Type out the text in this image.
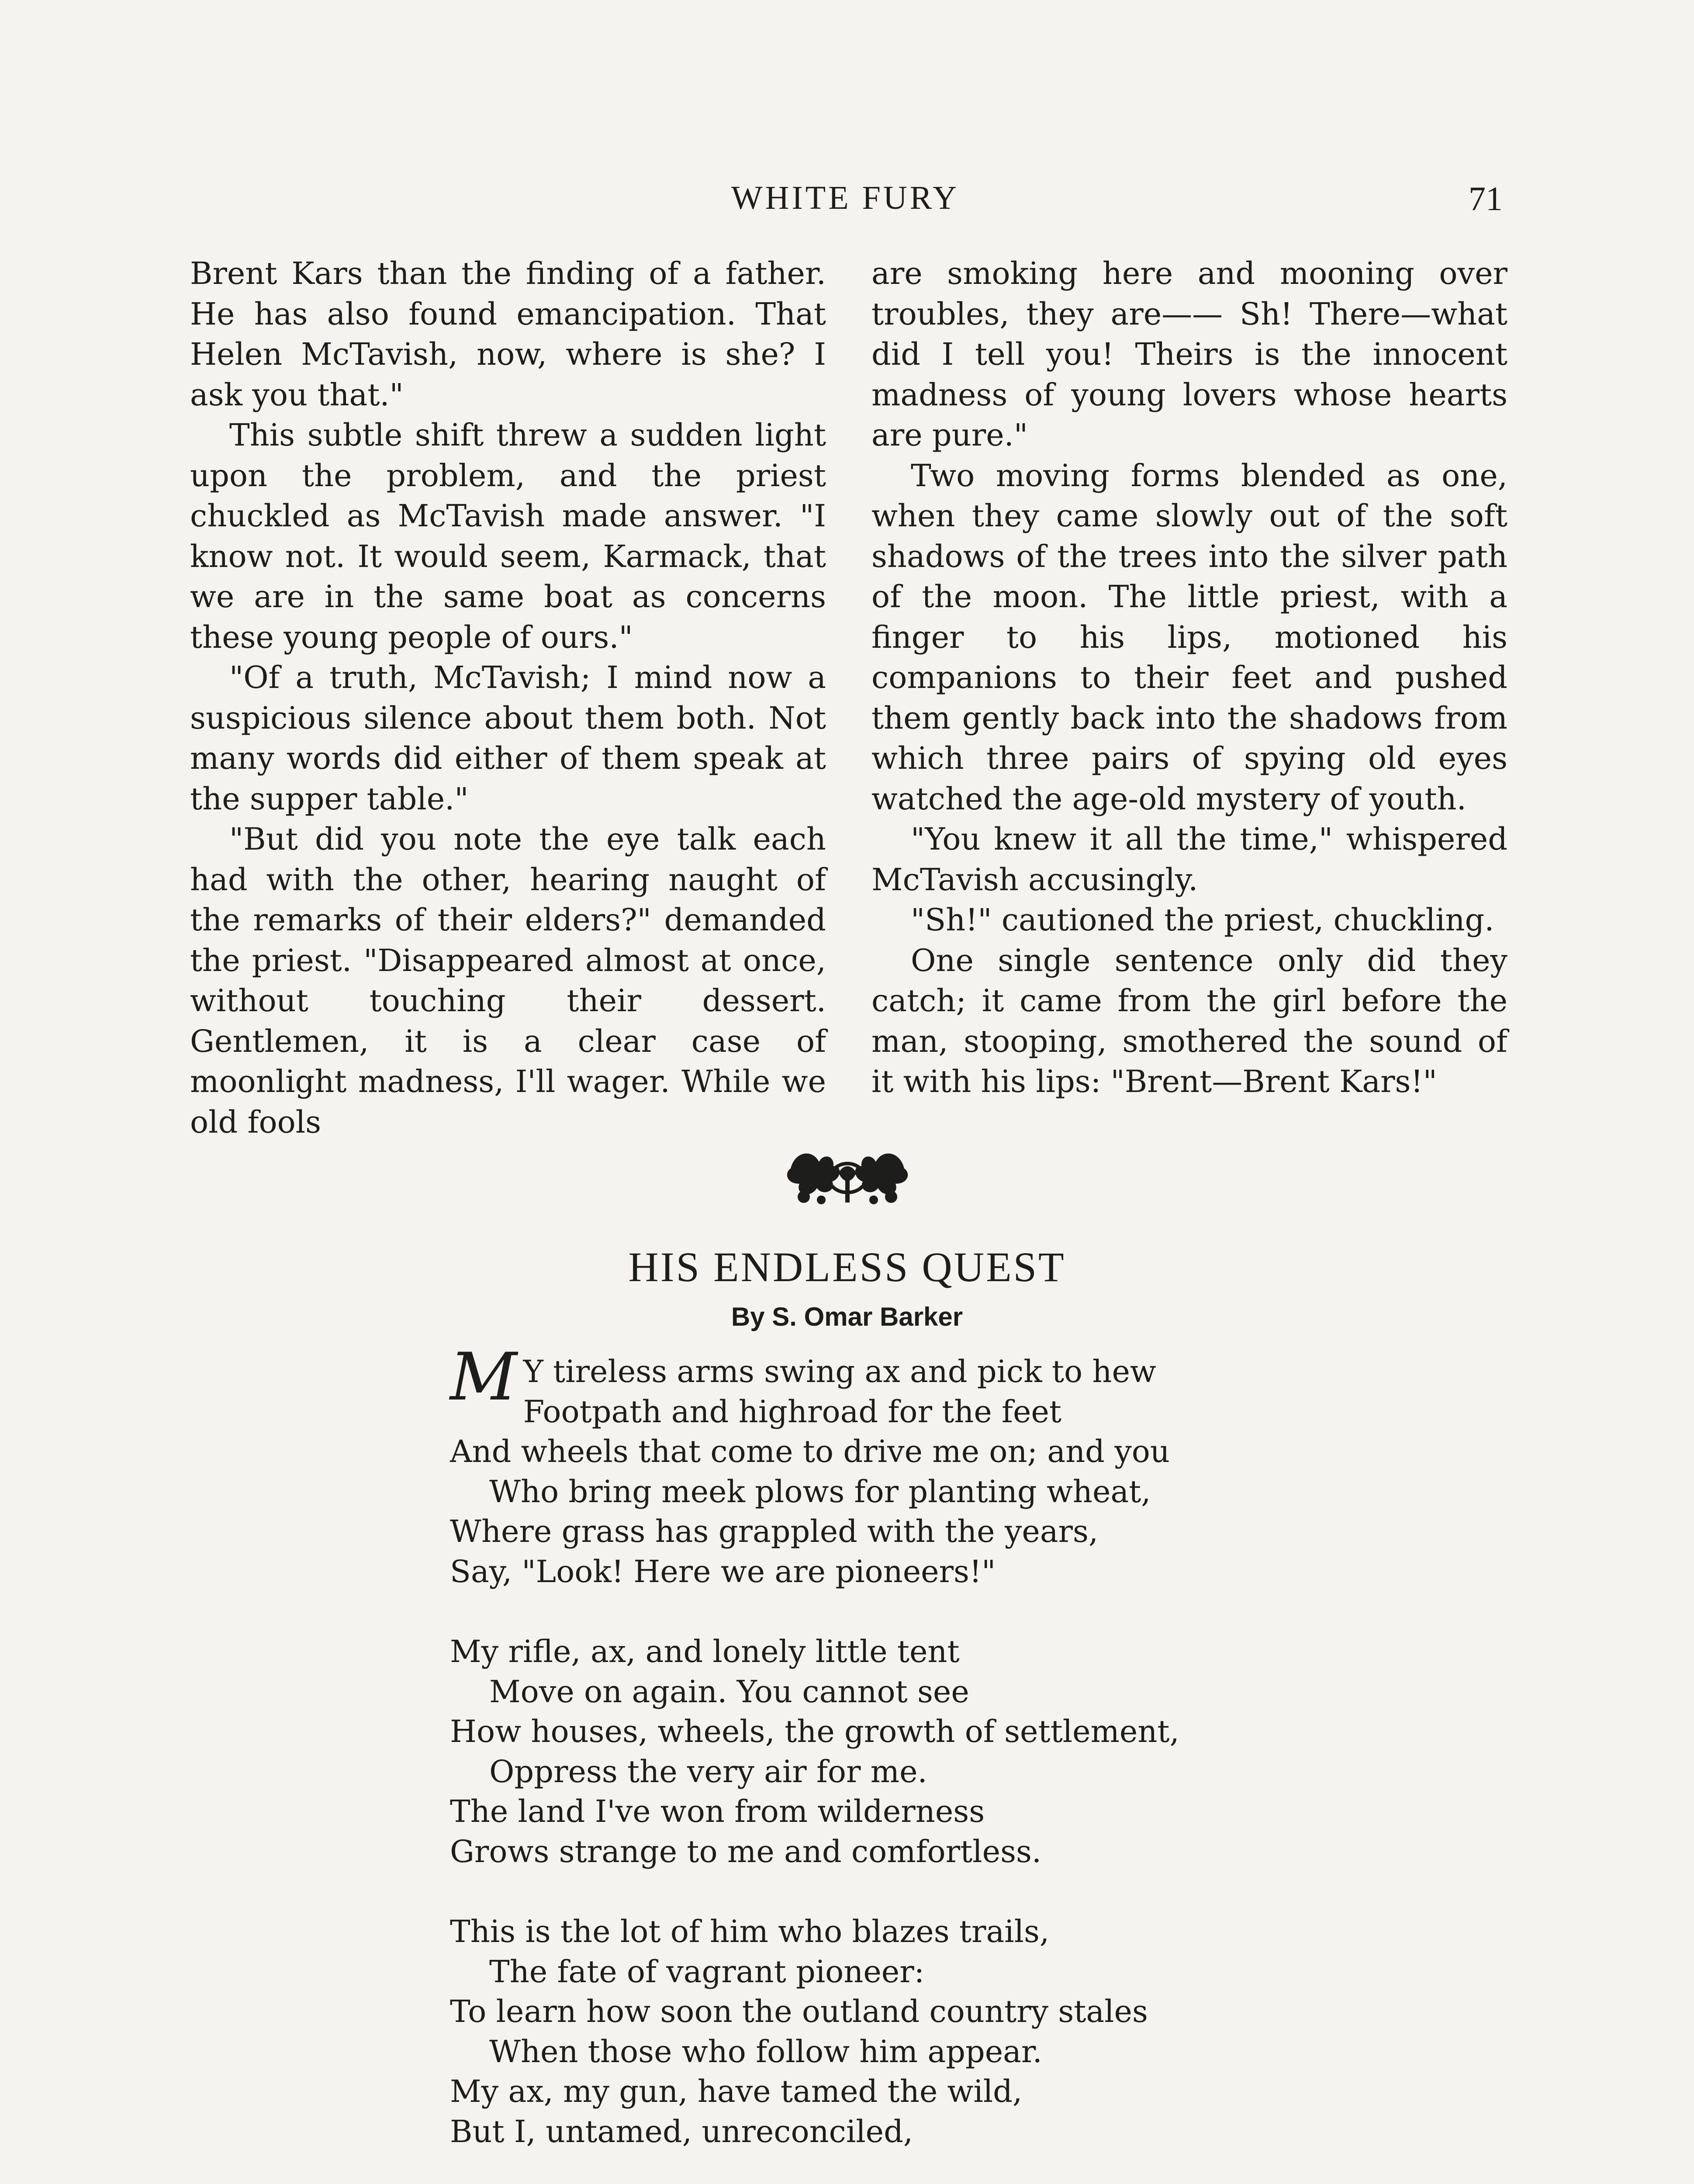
WHITE FURY	71

Brent Kars than the finding of a father. He has also found emancipation. That Helen McTavish, now, where is she? I ask you that."

This subtle shift threw a sudden light upon the problem, and the priest chuckled as McTavish made answer. "I know not. It would seem, Karmack, that we are in the same boat as concerns these young people of ours."

"Of a truth, McTavish; I mind now a suspicious silence about them both. Not many words did either of them speak at the supper table."

"But did you note the eye talk each had with the other, hearing naught of the remarks of their elders?" demanded the priest. "Disappeared almost at once, without touching their dessert. Gentlemen, it is a clear case of moonlight madness, I'll wager. While we old fools

are smoking here and mooning over troubles, they are—— Sh! There—what did I tell you! Theirs is the innocent madness of young lovers whose hearts are pure."

Two moving forms blended as one, when they came slowly out of the soft shadows of the trees into the silver path of the moon. The little priest, with a finger to his lips, motioned his companions to their feet and pushed them gently back into the shadows from which three pairs of spying old eyes watched the age-old mystery of youth.

"You knew it all the time," whispered McTavish accusingly.

"Sh!" cautioned the priest, chuckling.

One single sentence only did they catch; it came from the girl before the man, stooping, smothered the sound of it with his lips: "Brent—Brent Kars!"

HIS ENDLESS QUEST
By S. Omar Barker
M Y tireless arms swing ax and pick to hew
Footpath and highroad for the feet
And wheels that come to drive me on; and you
Who bring meek plows for planting wheat,
Where grass has grappled with the years,
Say, "Look! Here we are pioneers!"
My rifle, ax, and lonely little tent
Move on again. You cannot see
How houses, wheels, the growth of settlement,
Oppress the very air for me.
The land I've won from wilderness
Grows strange to me and comfortless.
This is the lot of him who blazes trails,
The fate of vagrant pioneer:
To learn how soon the outland country stales
When those who follow him appear.
My ax, my gun, have tamed the wild,
But I, untamed, unreconciled,
